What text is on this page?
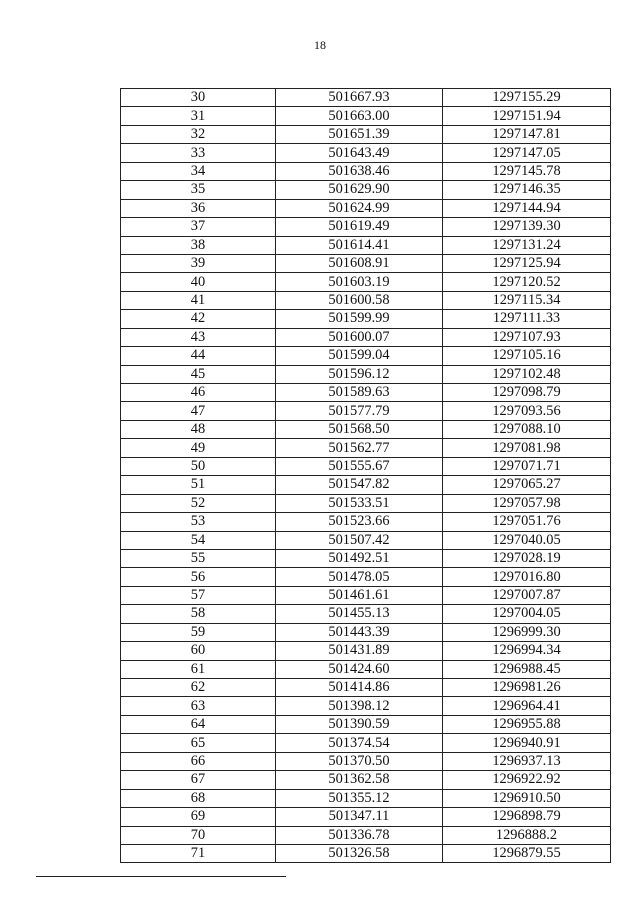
18
30	501667.93	1297155.29
31	501663.00	1297151.94
32	501651.39	1297147.81
33	501643.49	1297147.05
34	501638.46	1297145.78
35	501629.90	1297146.35
36	501624.99	1297144.94
37	501619.49	1297139.30
38	501614.41	1297131.24
39	501608.91	1297125.94
40	501603.19	1297120.52
41	501600.58	1297115.34
42	501599.99	1297111.33
43	501600.07	1297107.93
44	501599.04	1297105.16
45	501596.12	1297102.48
46	501589.63	1297098.79
47	501577.79	1297093.56
48	501568.50	1297088.10
49	501562.77	1297081.98
50	501555.67	1297071.71
51	501547.82	1297065.27
52	501533.51	1297057.98
53	501523.66	1297051.76
54	501507.42	1297040.05
55	501492.51	1297028.19
56	501478.05	1297016.80
57	501461.61	1297007.87
58	501455.13	1297004.05
59	501443.39	1296999.30
60	501431.89	1296994.34
61	501424.60	1296988.45
62	501414.86	1296981.26
63	501398.12	1296964.41
64	501390.59	1296955.88
65	501374.54	1296940.91
66	501370.50	1296937.13
67	501362.58	1296922.92
68	501355.12	1296910.50
69	501347.11	1296898.79
70	501336.78	1296888.2
71	501326.58	1296879.55
